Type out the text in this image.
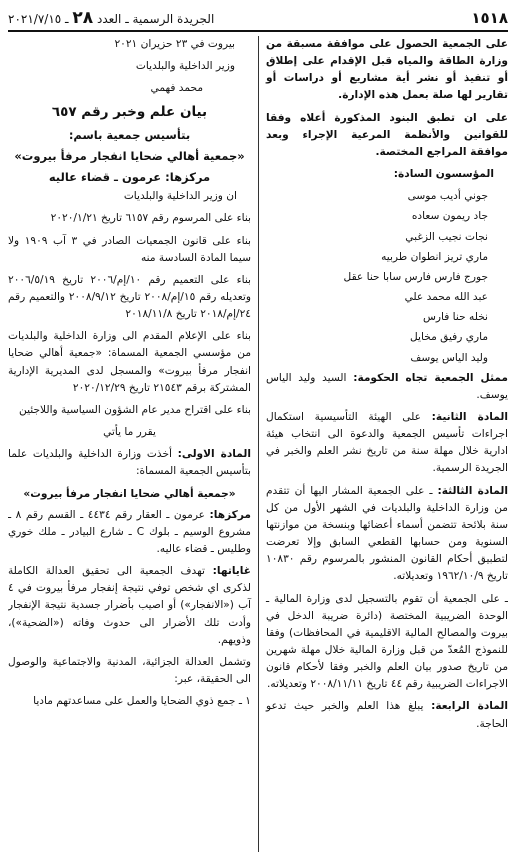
١٥١٨
الجريدة الرسمية ـ العدد ٢٨ ـ ٢٠٢١/٧/١٥

على الجمعية الحصول على موافقة مسبقة من وزارة الطاقة والمياه قبل الإقدام على إطلاق أو تنفيذ أو نشر أية مشاريع أو دراسات أو تقارير لها صلة بعمل هذه الإدارة.

على ان تطبق البنود المذكورة أعلاه وفقا للقوانين والأنظمة المرعية الإجراء وبعد موافقة المراجع المختصة.

المؤسسون السادة:

جوني أديب موسى
جاد ريمون سعاده
نجات نجيب الزغبي
ماري تريز انطوان طربيه
جورج فارس فارس سابا حنا عقل
عبد الله محمد علي
نخله حنا فارس
ماري رفيق مخايل
وليد الياس يوسف

ممثل الجمعية تجاه الحكومة: السيد وليد الياس يوسف.

المادة الثانية: على الهيئة التأسيسية استكمال اجراءات تأسيس الجمعية والدعوة الى انتخاب هيئة ادارية خلال مهلة سنة من تاريخ نشر العلم والخبر في الجريدة الرسمية.

المادة الثالثة: ـ على الجمعية المشار اليها أن تتقدم من وزارة الداخلية والبلديات في الشهر الأول من كل سنة بلائحة تتضمن أسماء أعضائها وبنسخة من موازنتها السنوية ومن حسابها القطعي السابق وإلا تعرضت لتطبيق أحكام القانون المنشور بالمرسوم رقم ١٠٨٣٠ تاريخ ١٩٦٢/١٠/٩ وتعديلاته.

ـ على الجمعية أن تقوم بالتسجيل لدى وزارة المالية ـ الوحدة الضريبية المختصة (دائرة ضريبة الدخل في بيروت والمصالح المالية الاقليمية في المحافظات) وفقا للنموذج المُعدّ من قبل وزارة المالية خلال مهلة شهرين من تاريخ صدور بيان العلم والخبر وفقا لأحكام قانون الاجراءات الضريبية رقم ٤٤ تاريخ ٢٠٠٨/١١/١١ وتعديلاته.

المادة الرابعة: يبلغ هذا العلم والخبر حيث تدعو الحاجة.

بيروت في ٢٣ حزيران ٢٠٢١

وزير الداخلية والبلديات

محمد فهمي

بيان علم وخبر رقم ٦٥٧
بتأسيس جمعية باسم:
«جمعية أهالي ضحايا انفجار مرفأ بيروت»
مركزها: عرمون ـ قضاء عاليه

ان وزير الداخلية والبلديات

بناء على المرسوم رقم ٦١٥٧ تاريخ ٢٠٢٠/١/٢١

بناء على قانون الجمعيات الصادر في ٣ آب ١٩٠٩ ولا سيما المادة السادسة منه

بناء على التعميم رقم ١٠/إم/٢٠٠٦ تاريخ ٢٠٠٦/٥/١٩ وتعديله رقم ١٥/إم/٢٠٠٨ تاريخ ٢٠٠٨/٩/١٢ والتعميم رقم ٢٤/إم/٢٠١٨ تاريخ ٢٠١٨/١١/٨

بناء على الإعلام المقدم الى وزارة الداخلية والبلديات من مؤسسي الجمعية المسماة: «جمعية أهالي ضحايا انفجار مرفأ بيروت» والمسجل لدى المديرية الإدارية المشتركة برقم ٢١٥٤٣ تاريخ ٢٠٢٠/١٢/٢٩

بناء على اقتراح مدير عام الشؤون السياسية واللاجئين

يقرر ما يأتي

المادة الاولى: أخذت وزارة الداخلية والبلديات علما بتأسيس الجمعية المسماة:

«جمعية أهالي ضحايا انفجار مرفأ بيروت»

مركزها: عرمون ـ العقار رقم ٤٤٣٤ ـ القسم رقم ٨ ـ مشروع الوسيم ـ بلوك C ـ شارع البيادر ـ ملك خوري وطليس ـ قضاء عاليه.

غاياتها: تهدف الجمعية الى تحقيق العدالة الكاملة لذكرى اي شخص توفي نتيجة إنفجار مرفأ بيروت في ٤ آب («الانفجار») أو اصيب بأضرار جسدية نتيجة الإنفجار وأدت تلك الأضرار الى حدوث وفاته («الضحية»)، وذويهم.

وتشمل العدالة الجزائية، المدنية والاجتماعية والوصول الى الحقيقة، عبر:

١ ـ جمع ذوي الضحايا والعمل على مساعدتهم ماديا
